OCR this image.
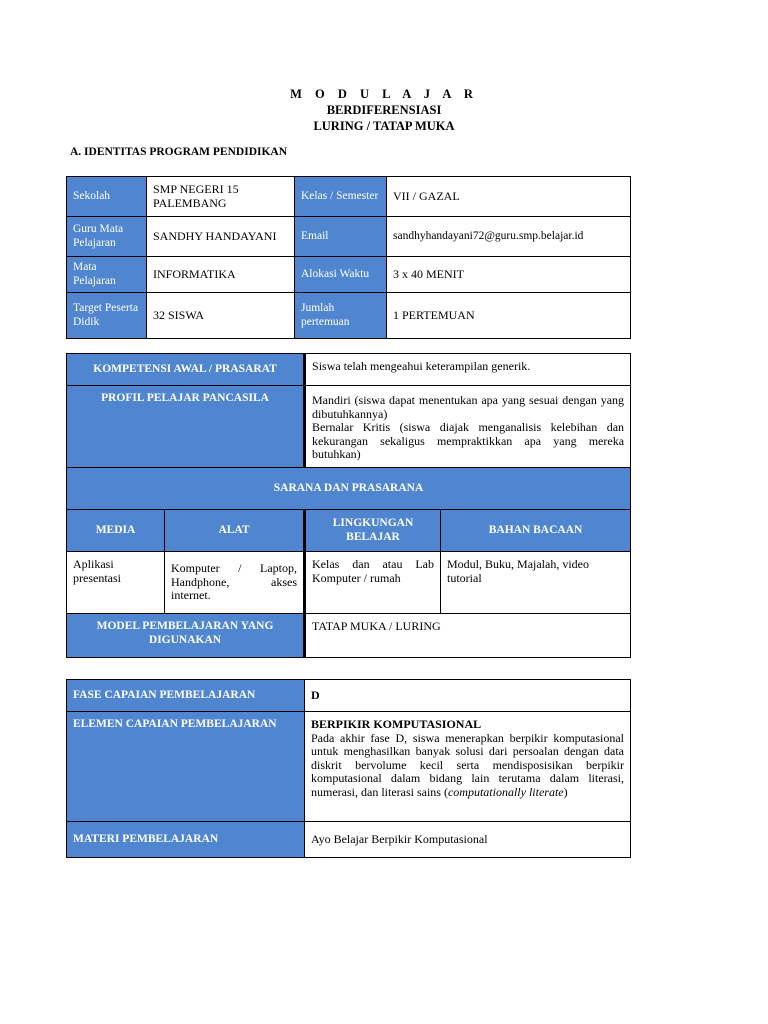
M O D U L A J A R
BERDIFERENSIASI
LURING / TATAP MUKA
A. IDENTITAS PROGRAM PENDIDIKAN
Sekolah	SMP NEGERI 15 PALEMBANG	Kelas / Semester	VII / GAZAL
Guru Mata Pelajaran	SANDHY HANDAYANI	Email	sandhyhandayani72@guru.smp.belajar.id
Mata Pelajaran	INFORMATIKA	Alokasi Waktu	3 x 40 MENIT
Target Peserta Didik	32 SISWA	Jumlah pertemuan	1 PERTEMUAN
KOMPETENSI AWAL / PRASARAT		Siswa telah mengeahui keterampilan generik.	
PROFIL PELAJAR PANCASILA		Mandiri (siswa dapat menentukan apa yang sesuai dengan yang dibutuhkannya)
Bernalar Kritis (siswa diajak menganalisis kelebihan dan kekurangan sekaligus mempraktikkan apa yang mereka butuhkan)	

SARANA DAN PRASARANA			
MEDIA	ALAT	LINGKUNGAN BELAJAR	BAHAN BACAAN
Aplikasi presentasi	Komputer / Laptop, Handphone, akses internet.	Kelas dan atau Lab Komputer / rumah	Modul, Buku, Majalah, video tutorial
MODEL PEMBELAJARAN YANG DIGUNAKAN		TATAP MUKA / LURING	
FASE CAPAIAN PEMBELAJARAN	D
ELEMEN CAPAIAN PEMBELAJARAN	BERPIKIR KOMPUTASIONAL
Pada akhir fase D, siswa menerapkan berpikir komputasional untuk menghasilkan banyak solusi dari persoalan dengan data diskrit bervolume kecil serta mendisposisikan berpikir komputasional dalam bidang lain terutama dalam literasi, numerasi, dan literasi sains (computationally literate)
MATERI PEMBELAJARAN	Ayo Belajar Berpikir Komputasional
